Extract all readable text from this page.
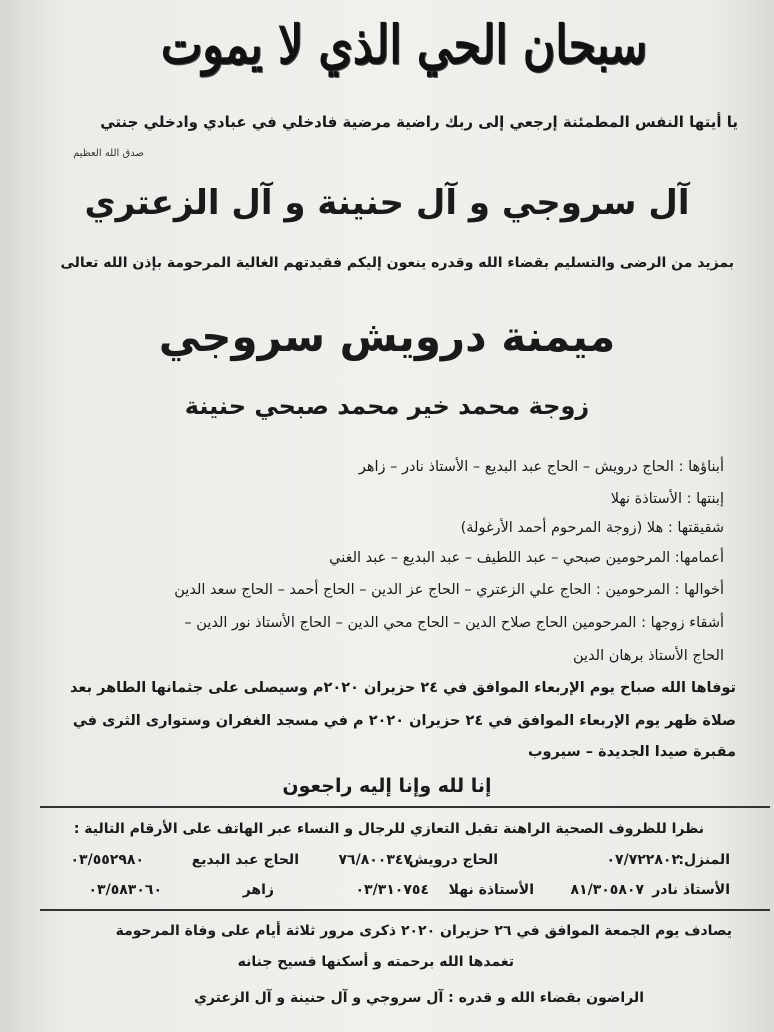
سبحان الحي الذي لا يموت
يا أيتها النفس المطمئنة إرجعي إلى ربك راضية مرضية فادخلي في عبادي وادخلي جنتي
صدق الله العظيم
آل سروجي و آل حنينة و آل الزعتري
بمزيد من الرضى والتسليم بقضاء الله وقدره ينعون إليكم فقيدتهم الغالية المرحومة بإذن الله تعالى
ميمنة درويش سروجي
زوجة محمد خير محمد صبحي حنينة
أبناؤها : الحاج درويش – الحاج عبد البديع – الأستاذ نادر – زاهر
إبنتها : الأستاذة نهلا
شقيقتها : هلا (زوجة المرحوم أحمد الأرغولة)
أعمامها: المرحومين صبحي – عبد اللطيف – عبد البديع – عبد الغني
أخوالها : المرحومين : الحاج علي الزعتري – الحاج عز الدين – الحاج أحمد – الحاج سعد الدين
أشقاء زوجها : المرحومين الحاج صلاح الدين – الحاج محي الدين – الحاج الأستاذ نور الدين –
الحاج الأستاذ برهان الدين
توفاها الله صباح يوم الإربعاء الموافق في ٢٤ حزيران ٢٠٢٠م وسيصلى على جثمانها الطاهر بعد
صلاة ظهر يوم الإربعاء الموافق في ٢٤ حزيران ٢٠٢٠ م في مسجد الغفران وستوارى الثرى في
مقبرة صيدا الجديدة – سيروب
إنا لله وإنا إليه راجعون
نظرا للظروف الصحية الراهنة تقبل التعازي للرجال و النساء عبر الهاتف على الأرقام التالية :
المنزل:
٠٧/٧٢٢٨٠٢
الحاج درويش
٧٦/٨٠٠٣٤٧
الحاج عبد البديع
٠٣/٥٥٢٩٨٠
الأستاذ نادر
٨١/٣٠٥٨٠٧
الأستاذة نهلا
٠٣/٣١٠٧٥٤
زاهر
٠٣/٥٨٣٠٦٠
يصادف يوم الجمعة الموافق في ٢٦ حزيران ٢٠٢٠ ذكرى مرور ثلاثة أيام على وفاة المرحومة
تغمدها الله برحمته و أسكنها فسيح جنانه
الراضون بقضاء الله و قدره : آل سروجي و آل حنينة و آل الزعتري
